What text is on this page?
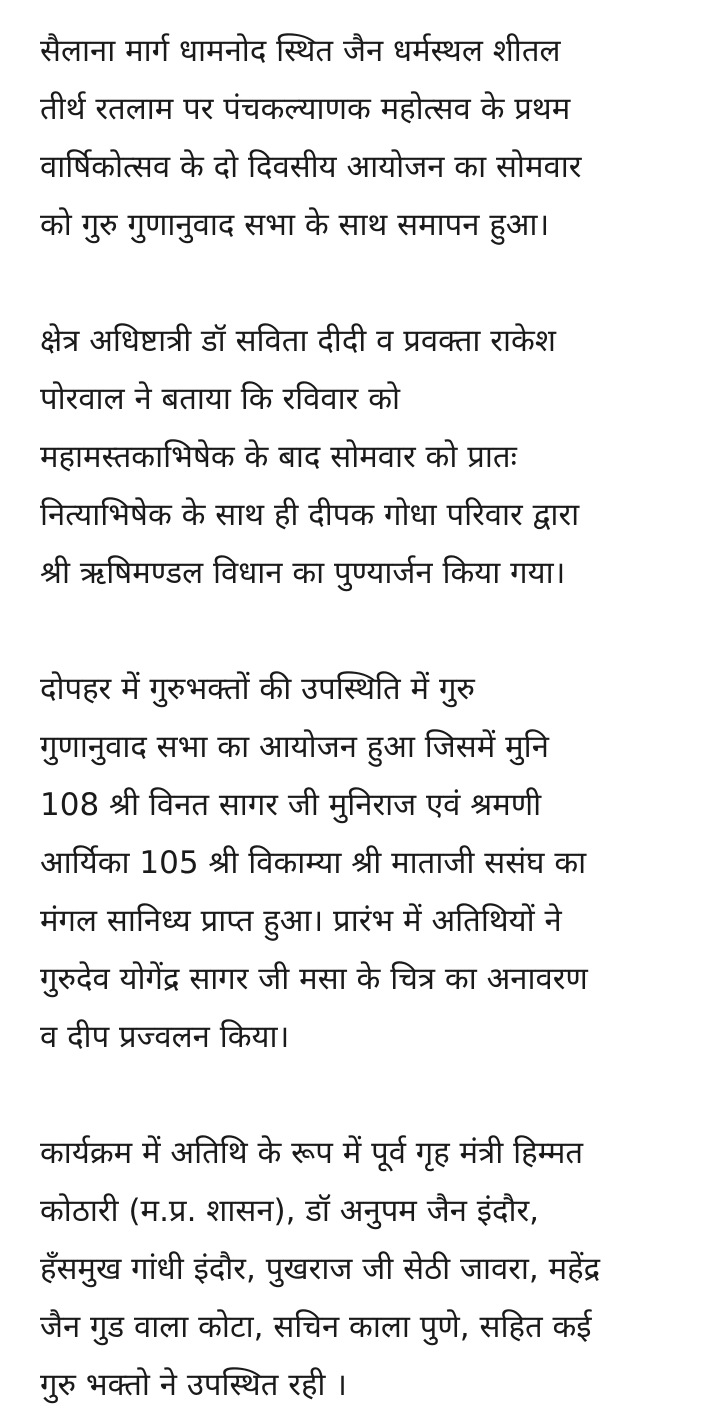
सैलाना मार्ग धामनोद स्थित जैन धर्मस्थल शीतल
तीर्थ रतलाम पर पंचकल्याणक महोत्सव के प्रथम
वार्षिकोत्सव के दो दिवसीय आयोजन का सोमवार
को गुरु गुणानुवाद सभा के साथ समापन हुआ।
क्षेत्र अधिष्टात्री डॉ सविता दीदी व प्रवक्ता राकेश
पोरवाल ने बताया कि रविवार को
महामस्तकाभिषेक के बाद सोमवार को प्रातः
नित्याभिषेक के साथ ही दीपक गोधा परिवार द्वारा
श्री ऋषिमण्डल विधान का पुण्यार्जन किया गया।
दोपहर में गुरुभक्तों की उपस्थिति में गुरु
गुणानुवाद सभा का आयोजन हुआ जिसमें मुनि
108 श्री विनत सागर जी मुनिराज एवं श्रमणी
आर्यिका 105 श्री विकाम्या श्री माताजी ससंघ का
मंगल सानिध्य प्राप्त हुआ। प्रारंभ में अतिथियों ने
गुरुदेव योगेंद्र सागर जी मसा के चित्र का अनावरण
व दीप प्रज्वलन किया।
कार्यक्रम में अतिथि के रूप में पूर्व गृह मंत्री हिम्मत
कोठारी (म.प्र. शासन), डॉ अनुपम जैन इंदौर,
हँसमुख गांधी इंदौर, पुखराज जी सेठी जावरा, महेंद्र
जैन गुड वाला कोटा, सचिन काला पुणे, सहित कई
गुरु भक्तो ने उपस्थित रही ।
